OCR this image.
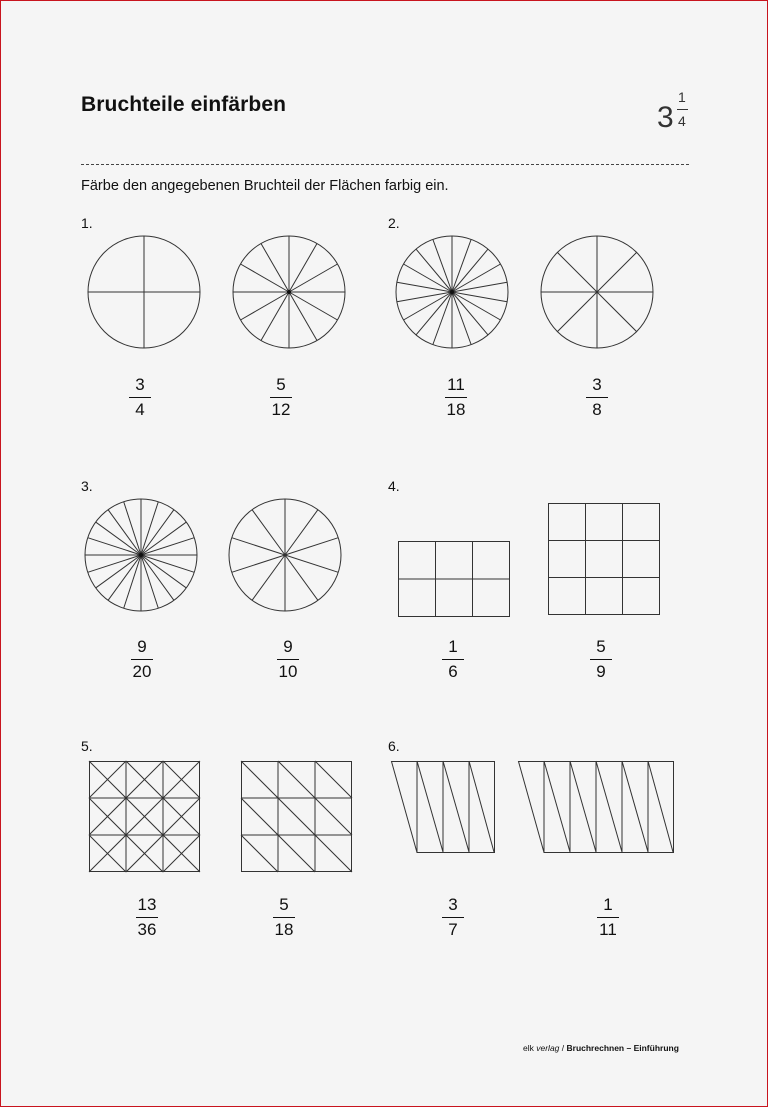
Bruchteile einfärben	3
1
4
Färbe den angegebenen Bruchteil der Flächen farbig ein.
1.
3
4
5
12
2.
11
18
3
8
3.
9
20
9
10
4.
1
6
5
9
5.
13
36
5
18
6.
3
7
1
11
elk verlag / Bruchrechnen – Einführung
